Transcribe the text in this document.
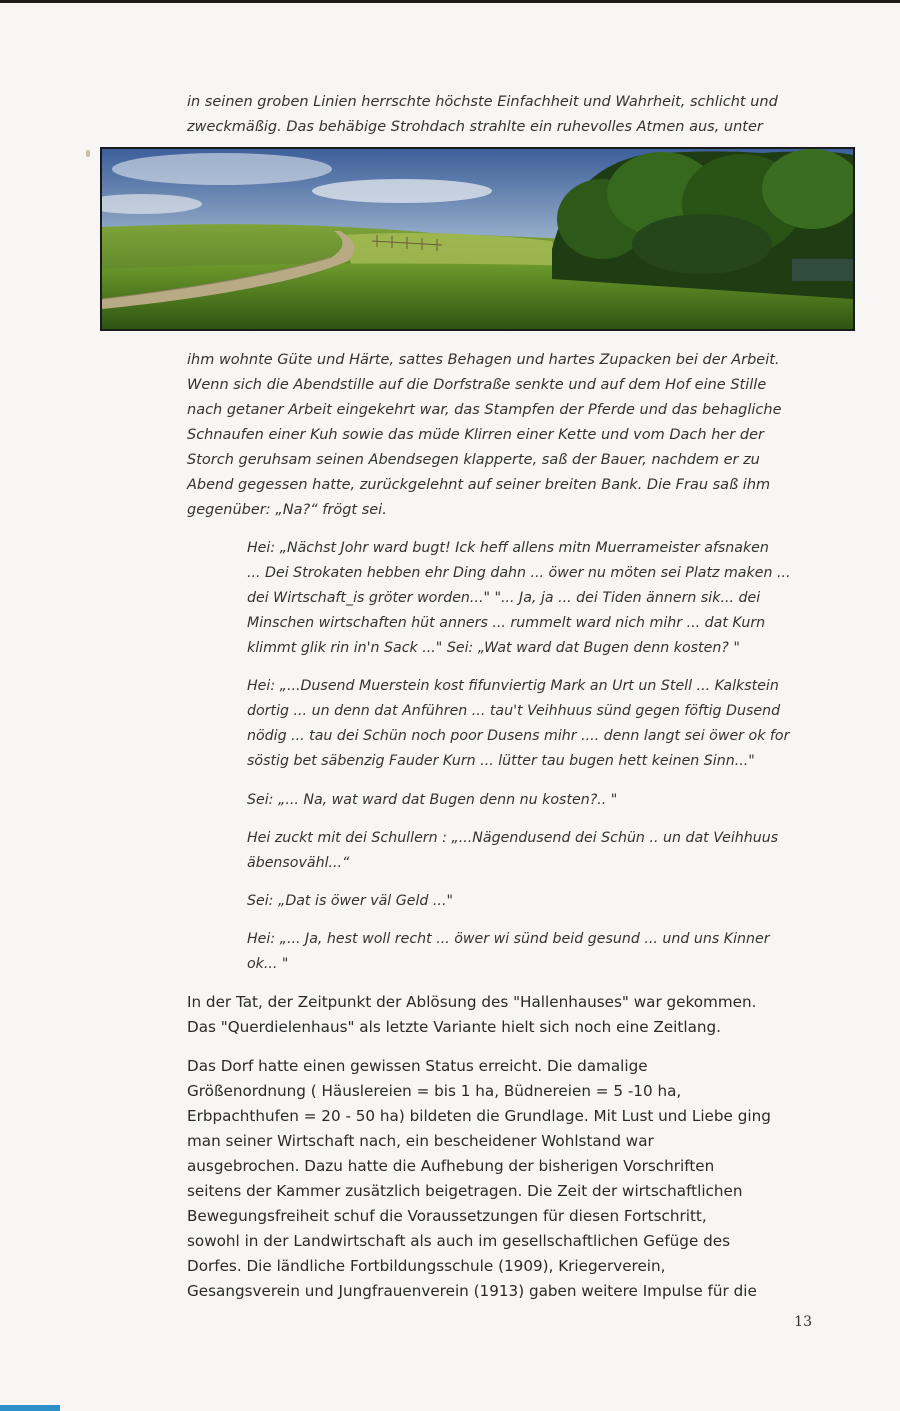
in seinen groben Linien herrschte höchste Einfachheit und Wahrheit, schlicht und
zweckmäßig. Das behäbige Strohdach strahlte ein ruhevolles Atmen aus, unter

ihm wohnte Güte und Härte, sattes Behagen und hartes Zupacken bei der Arbeit.
Wenn sich die Abendstille auf die Dorfstraße senkte und auf dem Hof eine Stille
nach getaner Arbeit eingekehrt war, das Stampfen der Pferde und das behagliche
Schnaufen einer Kuh sowie das müde Klirren einer Kette und vom Dach her der
Storch geruhsam seinen Abendsegen klapperte, saß der Bauer, nachdem er zu
Abend gegessen hatte, zurückgelehnt auf seiner breiten Bank. Die Frau saß ihm
gegenüber: „Na?“ frögt sei.

Hei: „Nächst Johr ward bugt! Ick heff allens mitn Muerrameister afsnaken
... Dei Strokaten hebben ehr Ding dahn ... öwer nu möten sei Platz maken ...
dei Wirtschaft_is gröter worden..." "... Ja, ja ... dei Tiden ännern sik... dei
Minschen wirtschaften hüt anners ... rummelt ward nich mihr ... dat Kurn
klimmt glik rin in'n Sack ..." Sei: „Wat ward dat Bugen denn kosten? "

Hei: „...Dusend Muerstein kost fifunviertig Mark an Urt un Stell ... Kalkstein
dortig ... un denn dat Anführen ... tau't Veihhuus sünd gegen föftig Dusend
nödig ... tau dei Schün noch poor Dusens mihr .... denn langt sei öwer ok for
söstig bet säbenzig Fauder Kurn ... lütter tau bugen hett keinen Sinn..."

Sei: „... Na, wat ward dat Bugen denn nu kosten?.. "

Hei zuckt mit dei Schullern : „...Nägendusend dei Schün .. un dat Veihhuus
äbensovähl...“

Sei: „Dat is öwer väl Geld ..."

Hei: „... Ja, hest woll recht ... öwer wi sünd beid gesund ... und uns Kinner
ok... "

In der Tat, der Zeitpunkt der Ablösung des "Hallenhauses" war gekommen.
Das "Querdielenhaus" als letzte Variante hielt sich noch eine Zeitlang.

Das Dorf hatte einen gewissen Status erreicht. Die damalige
Größenordnung ( Häuslereien = bis 1 ha, Büdnereien = 5 -10 ha,
Erbpachthufen = 20 - 50 ha) bildeten die Grundlage. Mit Lust und Liebe ging
man seiner Wirtschaft nach, ein bescheidener Wohlstand war
ausgebrochen. Dazu hatte die Aufhebung der bisherigen Vorschriften
seitens der Kammer zusätzlich beigetragen. Die Zeit der wirtschaftlichen
Bewegungsfreiheit schuf die Voraussetzungen für diesen Fortschritt,
sowohl in der Landwirtschaft als auch im gesellschaftlichen Gefüge des
Dorfes. Die ländliche Fortbildungsschule (1909), Kriegerverein,
Gesangsverein und Jungfrauenverein (1913) gaben weitere Impulse für die

13
